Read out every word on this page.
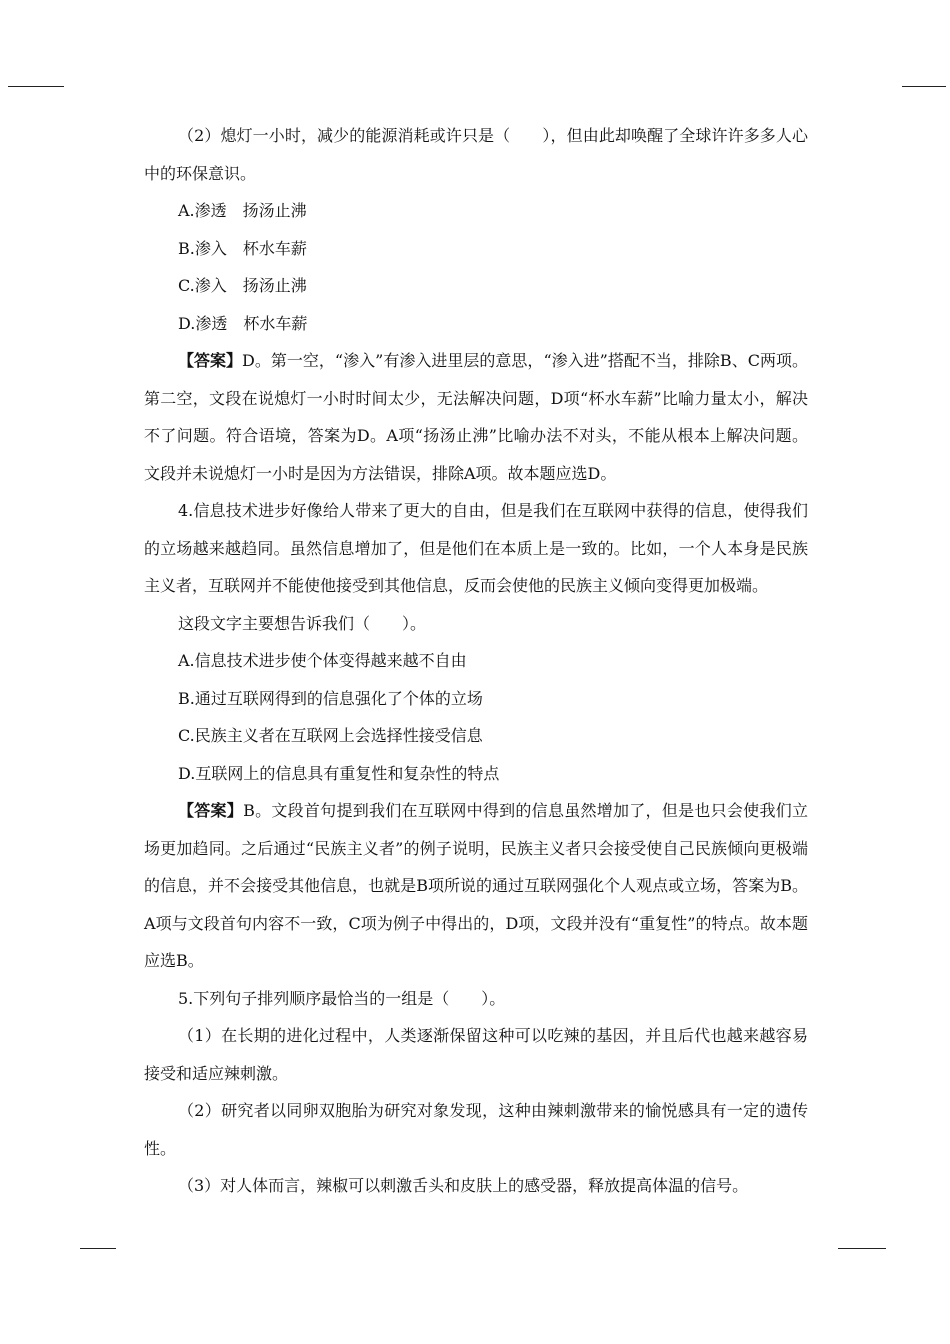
（2）熄灯一小时，减少的能源消耗或许只是（　　），但由此却唤醒了全球许许多多人心中的环保意识。

A.渗透 扬汤止沸

B.渗入 杯水车薪

C.渗入 扬汤止沸

D.渗透 杯水车薪

【答案】D。第一空，“渗入”有渗入进里层的意思，“渗入进”搭配不当，排除B、C两项。第二空，文段在说熄灯一小时时间太少，无法解决问题，D项“杯水车薪”比喻力量太小，解决不了问题。符合语境，答案为D。A项“扬汤止沸”比喻办法不对头，不能从根本上解决问题。文段并未说熄灯一小时是因为方法错误，排除A项。故本题应选D。

4.信息技术进步好像给人带来了更大的自由，但是我们在互联网中获得的信息，使得我们的立场越来越趋同。虽然信息增加了，但是他们在本质上是一致的。比如，一个人本身是民族主义者，互联网并不能使他接受到其他信息，反而会使他的民族主义倾向变得更加极端。

这段文字主要想告诉我们（　　）。

A.信息技术进步使个体变得越来越不自由

B.通过互联网得到的信息强化了个体的立场

C.民族主义者在互联网上会选择性接受信息

D.互联网上的信息具有重复性和复杂性的特点

【答案】B。文段首句提到我们在互联网中得到的信息虽然增加了，但是也只会使我们立场更加趋同。之后通过“民族主义者”的例子说明，民族主义者只会接受使自己民族倾向更极端的信息，并不会接受其他信息，也就是B项所说的通过互联网强化个人观点或立场，答案为B。A项与文段首句内容不一致，C项为例子中得出的，D项，文段并没有“重复性”的特点。故本题应选B。

5.下列句子排列顺序最恰当的一组是（　　）。

（1）在长期的进化过程中，人类逐渐保留这种可以吃辣的基因，并且后代也越来越容易接受和适应辣刺激。

（2）研究者以同卵双胞胎为研究对象发现，这种由辣刺激带来的愉悦感具有一定的遗传性。

（3）对人体而言，辣椒可以刺激舌头和皮肤上的感受器，释放提高体温的信号。
